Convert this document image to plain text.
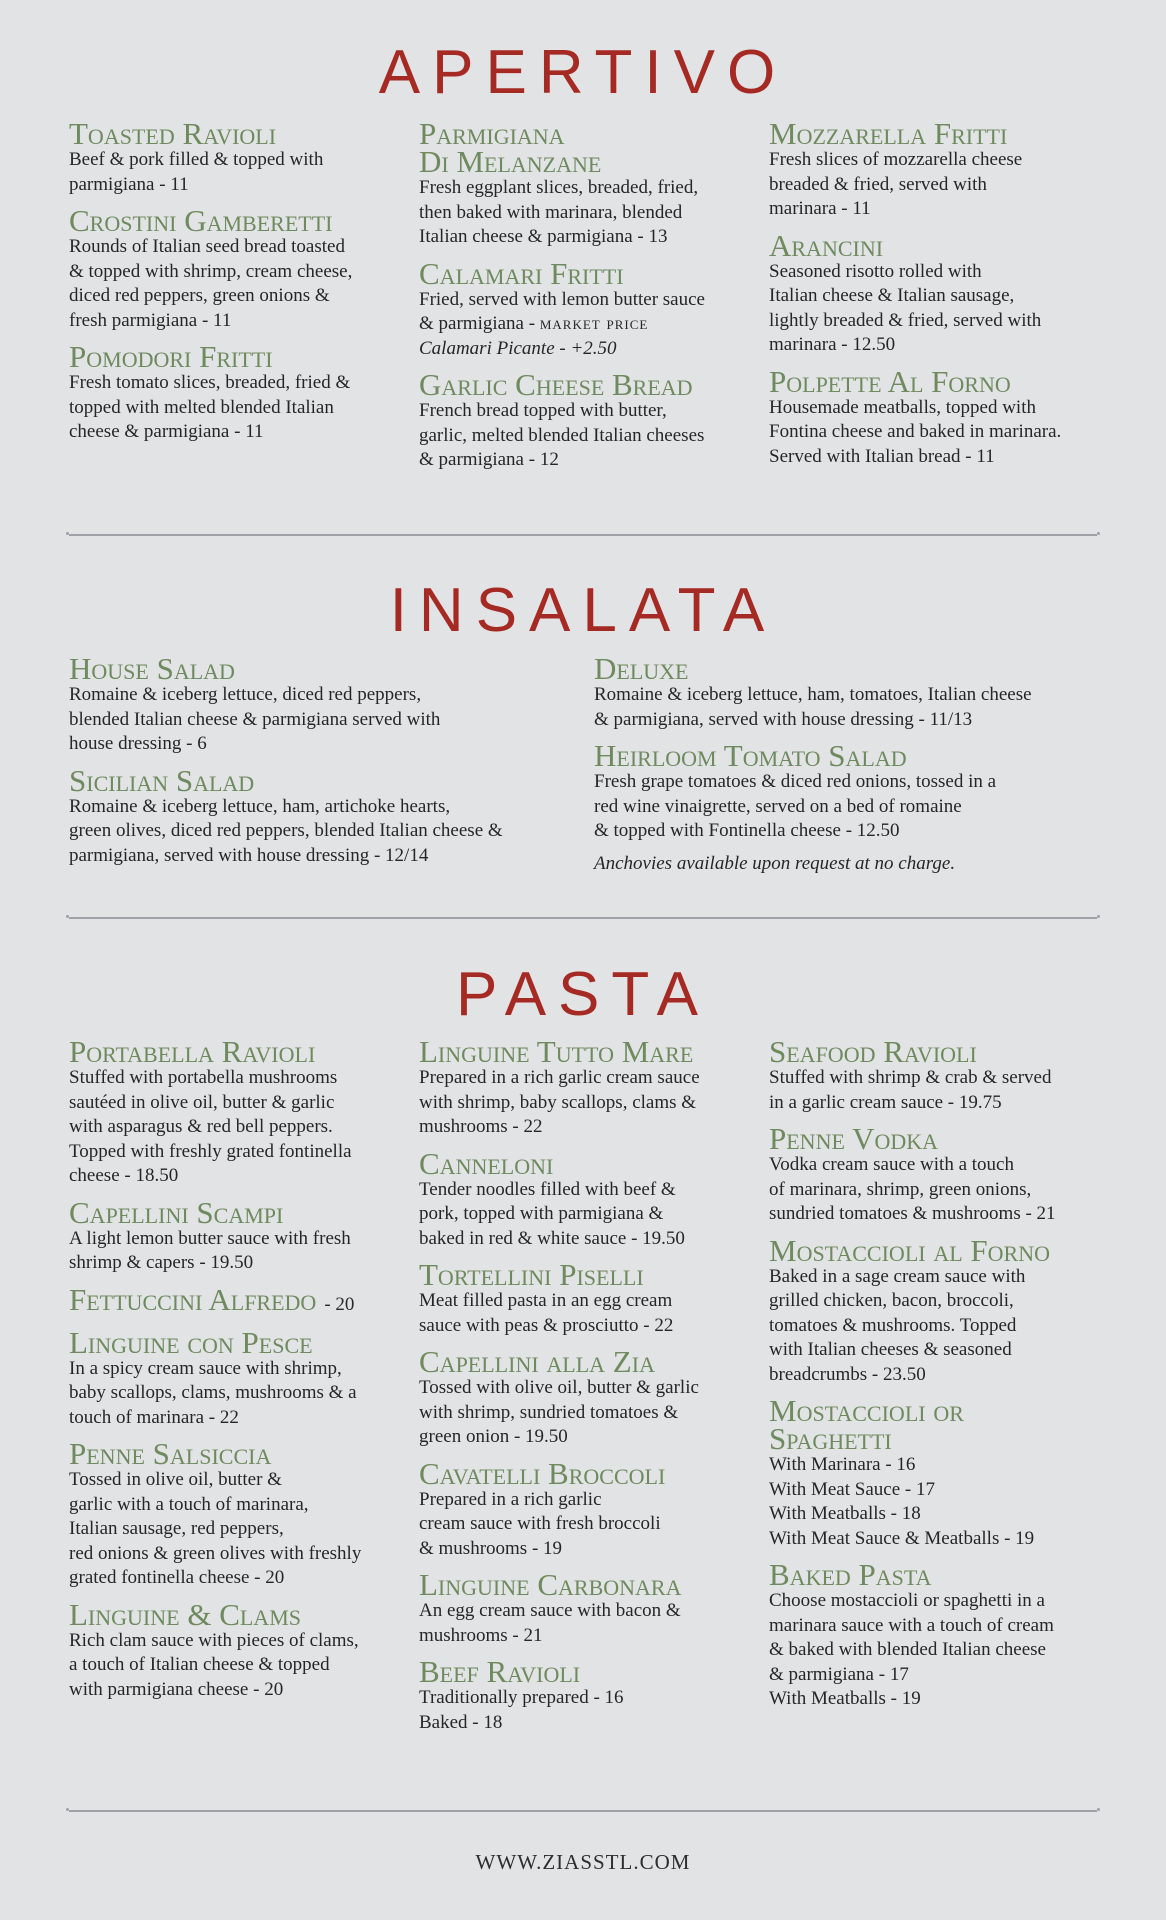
APERTIVO
Toasted Ravioli
Beef & pork filled & topped with
parmigiana - 11
Crostini Gamberetti
Rounds of Italian seed bread toasted
& topped with shrimp, cream cheese,
diced red peppers, green onions &
fresh parmigiana - 11
Pomodori Fritti
Fresh tomato slices, breaded, fried &
topped with melted blended Italian
cheese & parmigiana - 11
Parmigiana
Di Melanzane
Fresh eggplant slices, breaded, fried,
then baked with marinara, blended
Italian cheese & parmigiana - 13
Calamari Fritti
Fried, served with lemon butter sauce
& parmigiana - market price
Calamari Picante - +2.50
Garlic Cheese Bread
French bread topped with butter,
garlic, melted blended Italian cheeses
& parmigiana - 12
Mozzarella Fritti
Fresh slices of mozzarella cheese
breaded & fried, served with
marinara - 11
Arancini
Seasoned risotto rolled with
Italian cheese & Italian sausage,
lightly breaded & fried, served with
marinara - 12.50
Polpette Al Forno
Housemade meatballs, topped with
Fontina cheese and baked in marinara.
Served with Italian bread - 11
INSALATA
House Salad
Romaine & iceberg lettuce, diced red peppers,
blended Italian cheese & parmigiana served with
house dressing - 6
Sicilian Salad
Romaine & iceberg lettuce, ham, artichoke hearts,
green olives, diced red peppers, blended Italian cheese &
parmigiana, served with house dressing - 12/14
Deluxe
Romaine & iceberg lettuce, ham, tomatoes, Italian cheese
& parmigiana, served with house dressing - 11/13
Heirloom Tomato Salad
Fresh grape tomatoes & diced red onions, tossed in a
red wine vinaigrette, served on a bed of romaine
& topped with Fontinella cheese - 12.50
Anchovies available upon request at no charge.
PASTA
Portabella Ravioli
Stuffed with portabella mushrooms
sautéed in olive oil, butter & garlic
with asparagus & red bell peppers.
Topped with freshly grated fontinella
cheese - 18.50
Capellini Scampi
A light lemon butter sauce with fresh
shrimp & capers - 19.50
Fettuccini Alfredo - 20
Linguine con Pesce
In a spicy cream sauce with shrimp,
baby scallops, clams, mushrooms & a
touch of marinara - 22
Penne Salsiccia
Tossed in olive oil, butter &
garlic with a touch of marinara,
Italian sausage, red peppers,
red onions & green olives with freshly
grated fontinella cheese - 20
Linguine & Clams
Rich clam sauce with pieces of clams,
a touch of Italian cheese & topped
with parmigiana cheese - 20
Linguine Tutto Mare
Prepared in a rich garlic cream sauce
with shrimp, baby scallops, clams &
mushrooms - 22
Canneloni
Tender noodles filled with beef &
pork, topped with parmigiana &
baked in red & white sauce - 19.50
Tortellini Piselli
Meat filled pasta in an egg cream
sauce with peas & prosciutto - 22
Capellini alla Zia
Tossed with olive oil, butter & garlic
with shrimp, sundried tomatoes &
green onion - 19.50
Cavatelli Broccoli
Prepared in a rich garlic
cream sauce with fresh broccoli
& mushrooms - 19
Linguine Carbonara
An egg cream sauce with bacon &
mushrooms - 21
Beef Ravioli
Traditionally prepared - 16
Baked - 18
Seafood Ravioli
Stuffed with shrimp & crab & served
in a garlic cream sauce - 19.75
Penne Vodka
Vodka cream sauce with a touch
of marinara, shrimp, green onions,
sundried tomatoes & mushrooms - 21
Mostaccioli al Forno
Baked in a sage cream sauce with
grilled chicken, bacon, broccoli,
tomatoes & mushrooms. Topped
with Italian cheeses & seasoned
breadcrumbs - 23.50
Mostaccioli or
Spaghetti
With Marinara - 16
With Meat Sauce - 17
With Meatballs - 18
With Meat Sauce & Meatballs - 19
Baked Pasta
Choose mostaccioli or spaghetti in a
marinara sauce with a touch of cream
& baked with blended Italian cheese
& parmigiana - 17
With Meatballs - 19
WWW.ZIASSTL.COM
